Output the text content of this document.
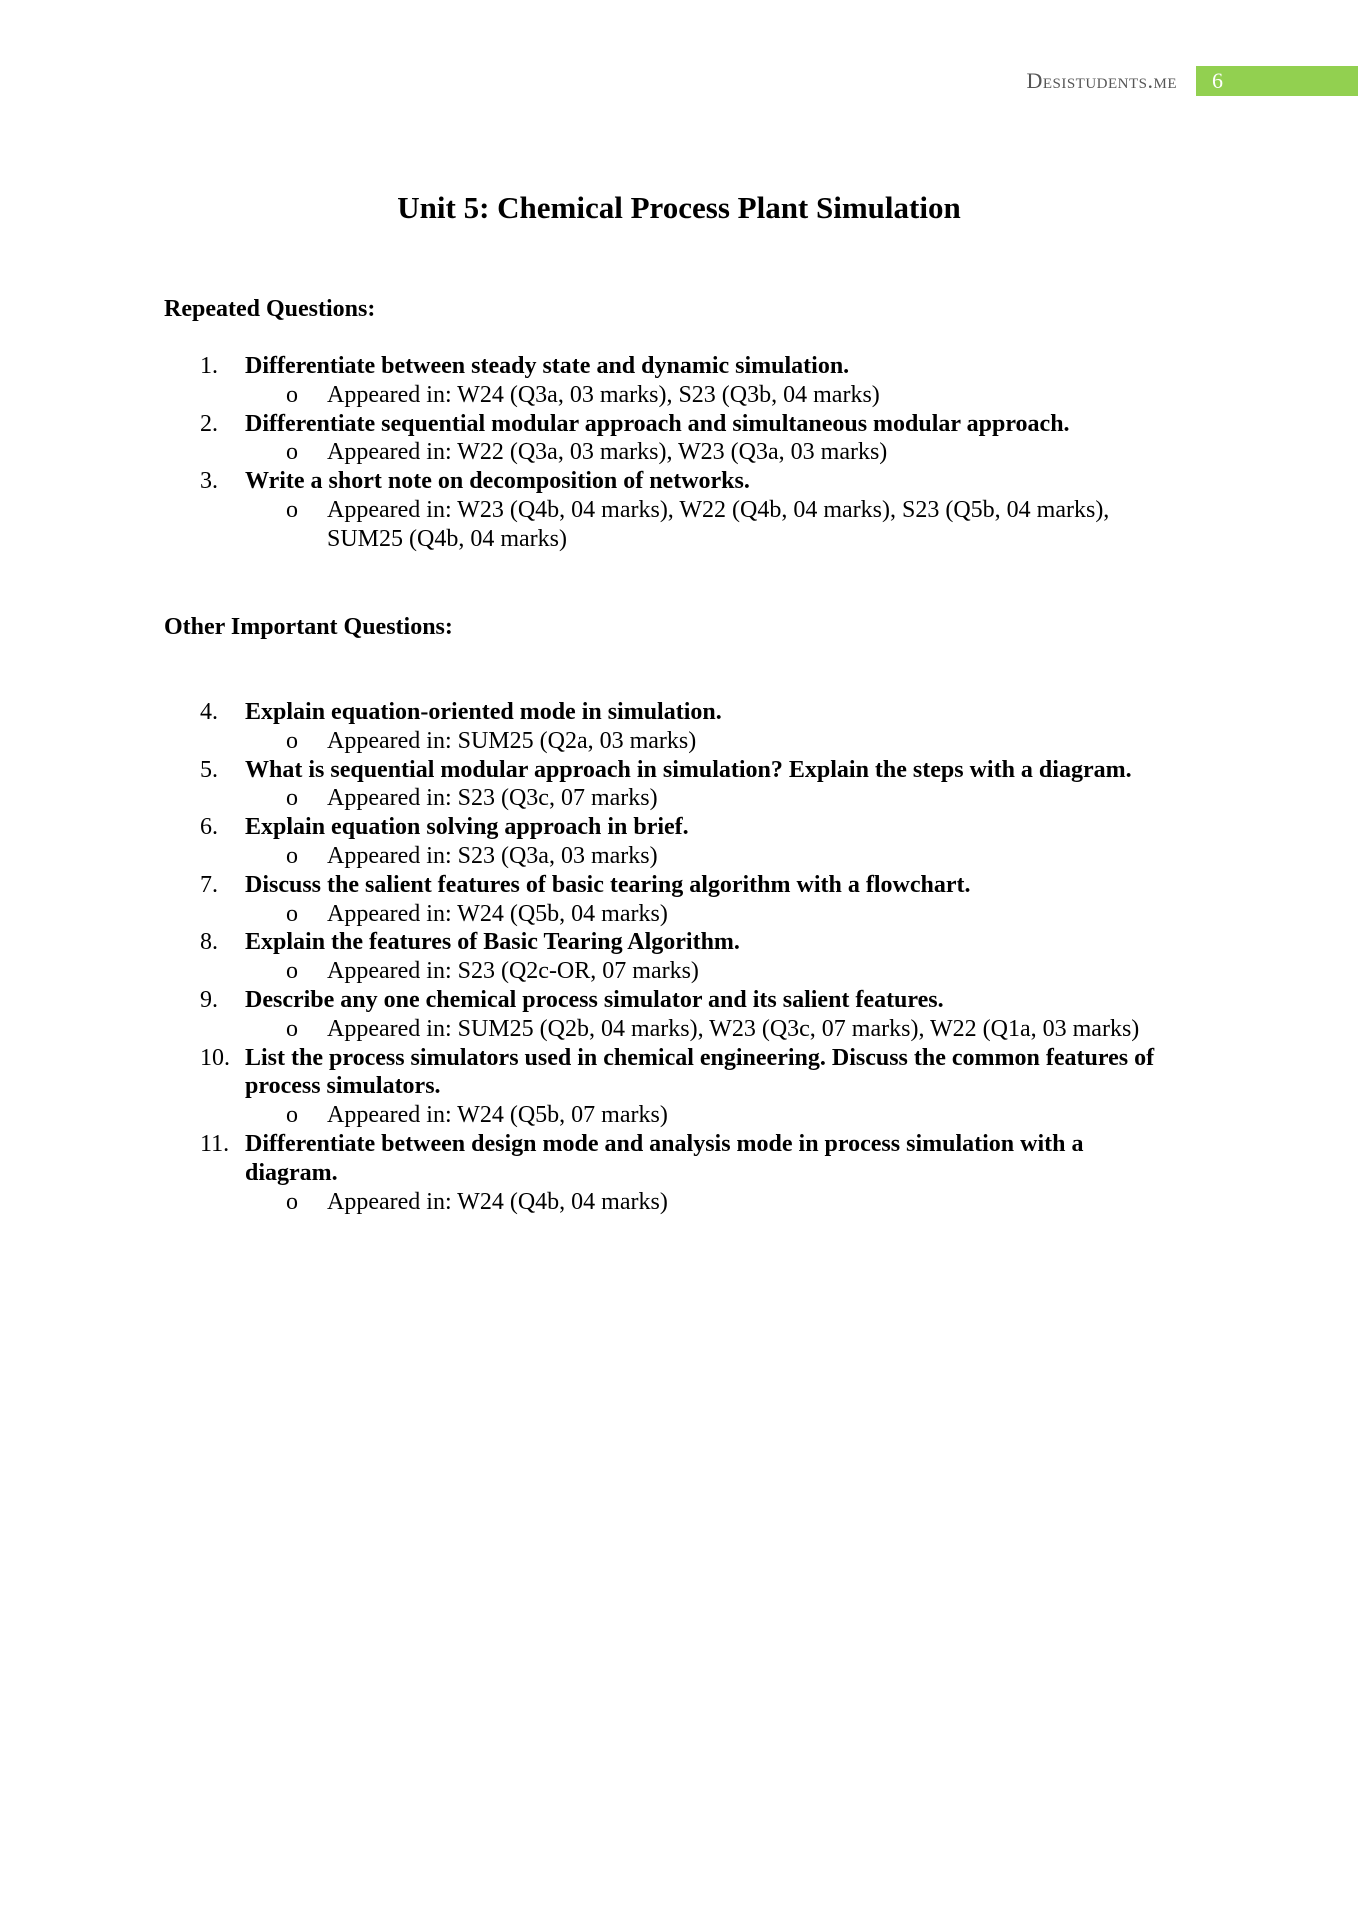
Desistudents.me 6
Unit 5: Chemical Process Plant Simulation
Repeated Questions:
1. Differentiate between steady state and dynamic simulation.
o Appeared in: W24 (Q3a, 03 marks), S23 (Q3b, 04 marks)
2. Differentiate sequential modular approach and simultaneous modular approach.
o Appeared in: W22 (Q3a, 03 marks), W23 (Q3a, 03 marks)
3. Write a short note on decomposition of networks.
o Appeared in: W23 (Q4b, 04 marks), W22 (Q4b, 04 marks), S23 (Q5b, 04 marks), SUM25 (Q4b, 04 marks)
Other Important Questions:
4. Explain equation-oriented mode in simulation.
o Appeared in: SUM25 (Q2a, 03 marks)
5. What is sequential modular approach in simulation? Explain the steps with a diagram.
o Appeared in: S23 (Q3c, 07 marks)
6. Explain equation solving approach in brief.
o Appeared in: S23 (Q3a, 03 marks)
7. Discuss the salient features of basic tearing algorithm with a flowchart.
o Appeared in: W24 (Q5b, 04 marks)
8. Explain the features of Basic Tearing Algorithm.
o Appeared in: S23 (Q2c-OR, 07 marks)
9. Describe any one chemical process simulator and its salient features.
o Appeared in: SUM25 (Q2b, 04 marks), W23 (Q3c, 07 marks), W22 (Q1a, 03 marks)
10. List the process simulators used in chemical engineering. Discuss the common features of process simulators.
o Appeared in: W24 (Q5b, 07 marks)
11. Differentiate between design mode and analysis mode in process simulation with a diagram.
o Appeared in: W24 (Q4b, 04 marks)
